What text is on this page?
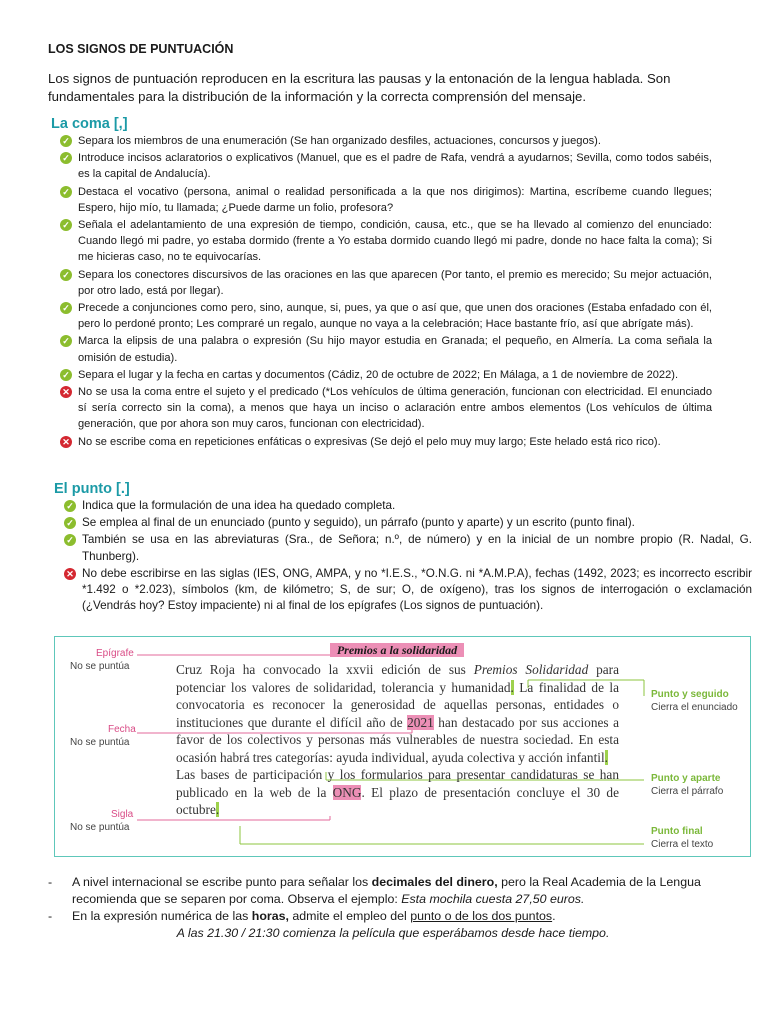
LOS SIGNOS DE PUNTUACIÓN
Los signos de puntuación reproducen en la escritura las pausas y la entonación de la lengua hablada. Son fundamentales para la distribución de la información y la correcta comprensión del mensaje.
La coma [,]
✓ Separa los miembros de una enumeración (Se han organizado desfiles, actuaciones, concursos y juegos).
✓ Introduce incisos aclaratorios o explicativos (Manuel, que es el padre de Rafa, vendrá a ayudarnos; Sevilla, como todos sabéis, es la capital de Andalucía).
✓ Destaca el vocativo (persona, animal o realidad personificada a la que nos dirigimos): Martina, escríbeme cuando llegues; Espero, hijo mío, tu llamada; ¿Puede darme un folio, profesora?
✓ Señala el adelantamiento de una expresión de tiempo, condición, causa, etc., que se ha llevado al comienzo del enunciado: Cuando llegó mi padre, yo estaba dormido (frente a Yo estaba dormido cuando llegó mi padre, donde no hace falta la coma); Si me hicieras caso, no te equivocarías.
✓ Separa los conectores discursivos de las oraciones en las que aparecen (Por tanto, el premio es merecido; Su mejor actuación, por otro lado, está por llegar).
✓ Precede a conjunciones como pero, sino, aunque, si, pues, ya que o así que, que unen dos oraciones (Estaba enfadado con él, pero lo perdoné pronto; Les compraré un regalo, aunque no vaya a la celebración; Hace bastante frío, así que abrígate más).
✓ Marca la elipsis de una palabra o expresión (Su hijo mayor estudia en Granada; el pequeño, en Almería. La coma señala la omisión de estudia).
✓ Separa el lugar y la fecha en cartas y documentos (Cádiz, 20 de octubre de 2022; En Málaga, a 1 de noviembre de 2022).
✕ No se usa la coma entre el sujeto y el predicado (*Los vehículos de última generación, funcionan con electricidad. El enunciado sí sería correcto sin la coma), a menos que haya un inciso o aclaración entre ambos elementos (Los vehículos de última generación, que por ahora son muy caros, funcionan con electricidad).
✕ No se escribe coma en repeticiones enfáticas o expresivas (Se dejó el pelo muy muy largo; Este helado está rico rico).
El punto [.]
✓ Indica que la formulación de una idea ha quedado completa.
✓ Se emplea al final de un enunciado (punto y seguido), un párrafo (punto y aparte) y un escrito (punto final).
✓ También se usa en las abreviaturas (Sra., de Señora; n.º, de número) y en la inicial de un nombre propio (R. Nadal, G. Thunberg).
✕ No debe escribirse en las siglas (IES, ONG, AMPA, y no *I.E.S., *O.N.G. ni *A.M.P.A), fechas (1492, 2023; es incorrecto escribir *1.492 o *2.023), símbolos (km, de kilómetro; S, de sur; O, de oxígeno), tras los signos de interrogación o exclamación (¿Vendrás hoy? Estoy impaciente) ni al final de los epígrafes (Los signos de puntuación).
Epígrafe
No se puntúa
Fecha
No se puntúa
Sigla
No se puntúa
Punto y seguido
Cierra el enunciado
Punto y aparte
Cierra el párrafo
Punto final
Cierra el texto
Premios a la solidaridad
Cruz Roja ha convocado la xxvii edición de sus Premios Solidaridad para potenciar los valores de solidaridad, tolerancia y humanidad. La finalidad de la convocatoria es reconocer la generosidad de aquellas personas, entidades o instituciones que durante el difícil año de 2021 han destacado por sus acciones a favor de los colectivos y personas más vulnerables de nuestra sociedad. En esta ocasión habrá tres categorías: ayuda individual, ayuda colectiva y acción infantil.
Las bases de participación y los formularios para presentar candidaturas se han publicado en la web de la ONG. El plazo de presentación concluye el 30 de octubre.
- A nivel internacional se escribe punto para señalar los decimales del dinero, pero la Real Academia de la Lengua recomienda que se separen por coma. Observa el ejemplo: Esta mochila cuesta 27,50 euros.
- En la expresión numérica de las horas, admite el empleo del punto o de los dos puntos.
A las 21.30 / 21:30 comienza la película que esperábamos desde hace tiempo.
